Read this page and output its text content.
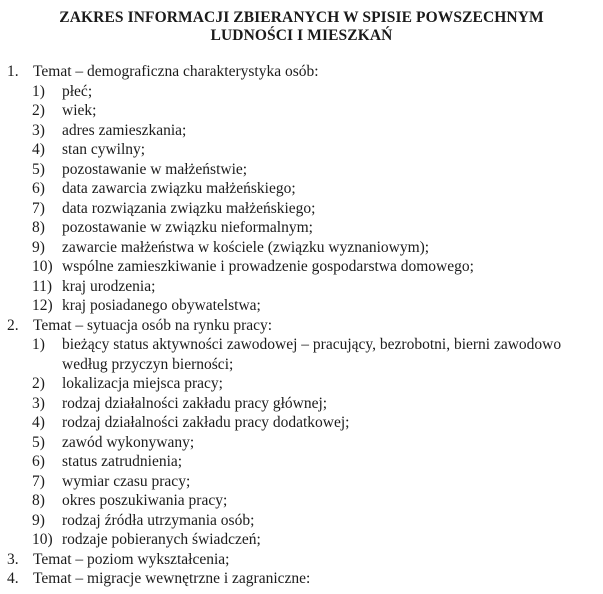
ZAKRES INFORMACJI ZBIERANYCH W SPISIE POWSZECHNYM
LUDNOŚCI I MIESZKAŃ
1. Temat – demograficzna charakterystyka osób:
1)	płeć;
2)	wiek;
3)	adres zamieszkania;
4)	stan cywilny;
5)	pozostawanie w małżeństwie;
6)	data zawarcia związku małżeńskiego;
7)	data rozwiązania związku małżeńskiego;
8)	pozostawanie w związku nieformalnym;
9)	zawarcie małżeństwa w kościele (związku wyznaniowym);
10) wspólne zamieszkiwanie i prowadzenie gospodarstwa domowego;
11) kraj urodzenia;
12) kraj posiadanego obywatelstwa;
2. Temat – sytuacja osób na rynku pracy:
1)	bieżący status aktywności zawodowej – pracujący, bezrobotni, bierni zawodowo według przyczyn bierności;
2)	lokalizacja miejsca pracy;
3)	rodzaj działalności zakładu pracy głównej;
4)	rodzaj działalności zakładu pracy dodatkowej;
5)	zawód wykonywany;
6)	status zatrudnienia;
7)	wymiar czasu pracy;
8)	okres poszukiwania pracy;
9)	rodzaj źródła utrzymania osób;
10) rodzaje pobieranych świadczeń;
3. Temat – poziom wykształcenia;
4. Temat – migracje wewnętrzne i zagraniczne:
